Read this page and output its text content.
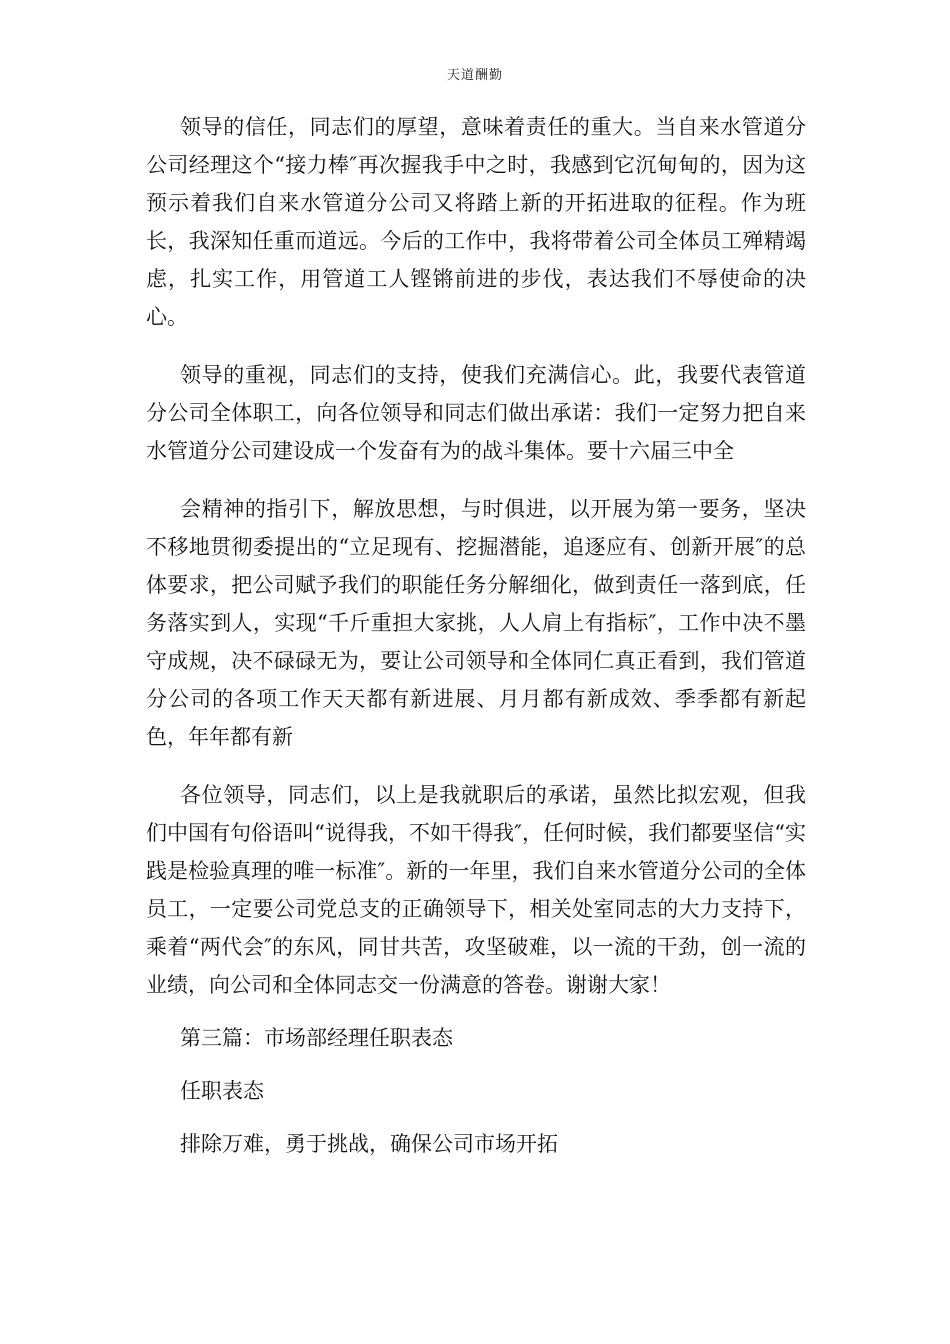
天道酬勤

领导的信任，同志们的厚望，意味着责任的重大。当自来水管道分公司经理这个“接力棒″再次握我手中之时，我感到它沉甸甸的，因为这预示着我们自来水管道分公司又将踏上新的开拓进取的征程。作为班长，我深知任重而道远。今后的工作中，我将带着公司全体员工殚精竭虑，扎实工作，用管道工人铿锵前进的步伐，表达我们不辱使命的决心。

领导的重视，同志们的支持，使我们充满信心。此，我要代表管道分公司全体职工，向各位领导和同志们做出承诺：我们一定努力把自来水管道分公司建设成一个发奋有为的战斗集体。要十六届三中全

会精神的指引下，解放思想，与时俱进，以开展为第一要务，坚决不移地贯彻委提出的“立足现有、挖掘潜能，追逐应有、创新开展″的总体要求，把公司赋予我们的职能任务分解细化，做到责任一落到底，任务落实到人，实现“千斤重担大家挑，人人肩上有指标″，工作中决不墨守成规，决不碌碌无为，要让公司领导和全体同仁真正看到，我们管道分公司的各项工作天天都有新进展、月月都有新成效、季季都有新起色，年年都有新

各位领导，同志们，以上是我就职后的承诺，虽然比拟宏观，但我们中国有句俗语叫“说得我，不如干得我″，任何时候，我们都要坚信“实践是检验真理的唯一标准″。新的一年里，我们自来水管道分公司的全体员工，一定要公司党总支的正确领导下，相关处室同志的大力支持下，乘着“两代会″的东风，同甘共苦，攻坚破难，以一流的干劲，创一流的业绩，向公司和全体同志交一份满意的答卷。谢谢大家！

第三篇：市场部经理任职表态

任职表态

排除万难，勇于挑战，确保公司市场开拓
